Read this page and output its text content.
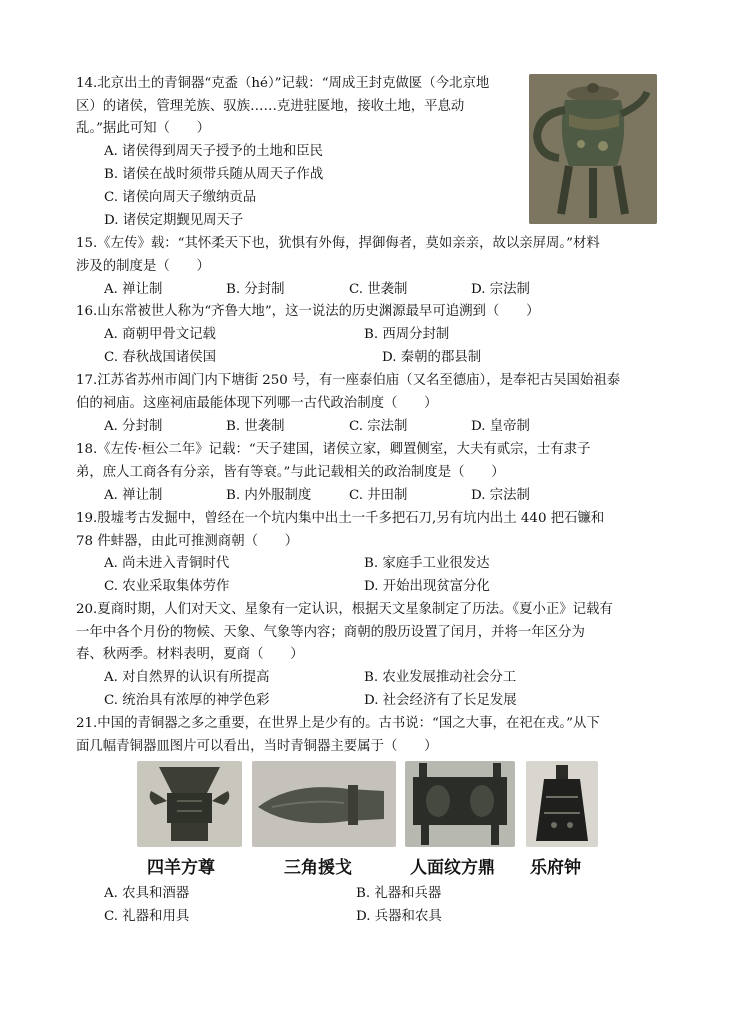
14.北京出土的青铜器“克盉（hé）”记载：“周成王封克做匽（今北京地
区）的诸侯，管理羌族、驭族……克进驻匽地，接收土地，平息动
乱。”据此可知（　　）
A. 诸侯得到周天子授予的土地和臣民
B. 诸侯在战时须带兵随从周天子作战
C. 诸侯向周天子缴纳贡品
D. 诸侯定期觐见周天子
15.《左传》载：“其怀柔天下也，犹惧有外侮，捍御侮者，莫如亲亲，故以亲屏周。”材料
涉及的制度是（　　）
A. 禅让制	B. 分封制	C. 世袭制	D. 宗法制
16.山东常被世人称为“齐鲁大地”，这一说法的历史渊源最早可追溯到（　　）
A. 商朝甲骨文记载	B. 西周分封制
C. 春秋战国诸侯国	D. 秦朝的郡县制
17.江苏省苏州市阊门内下塘街 250 号，有一座泰伯庙（又名至德庙），是奉祀古吴国始祖泰
伯的祠庙。这座祠庙最能体现下列哪一古代政治制度（　　）
A. 分封制	B. 世袭制	C. 宗法制	D. 皇帝制
18.《左传·桓公二年》记载：“天子建国，诸侯立家，卿置侧室，大夫有贰宗，士有隶子
弟，庶人工商各有分亲，皆有等衰。”与此记载相关的政治制度是（　　）
A. 禅让制	B. 内外服制度	C. 井田制	D. 宗法制
19.殷墟考古发掘中，曾经在一个坑内集中出土一千多把石刀,另有坑内出土 440 把石镰和
78 件蚌器，由此可推测商朝（　　）
A. 尚未进入青铜时代	B. 家庭手工业很发达
C. 农业采取集体劳作	D. 开始出现贫富分化
20.夏商时期，人们对天文、星象有一定认识，根据天文星象制定了历法。《夏小正》记载有
一年中各个月份的物候、天象、气象等内容；商朝的殷历设置了闰月，并将一年区分为
春、秋两季。材料表明，夏商（　　）
A. 对自然界的认识有所提高	B. 农业发展推动社会分工
C. 统治具有浓厚的神学色彩	D. 社会经济有了长足发展
21.中国的青铜器之多之重要，在世界上是少有的。古书说：“国之大事，在祀在戎。”从下
面几幅青铜器皿图片可以看出，当时青铜器主要属于（　　）
四羊方尊	三角援戈	人面纹方鼎 乐府钟
A. 农具和酒器	B. 礼器和兵器
C. 礼器和用具	D. 兵器和农具
